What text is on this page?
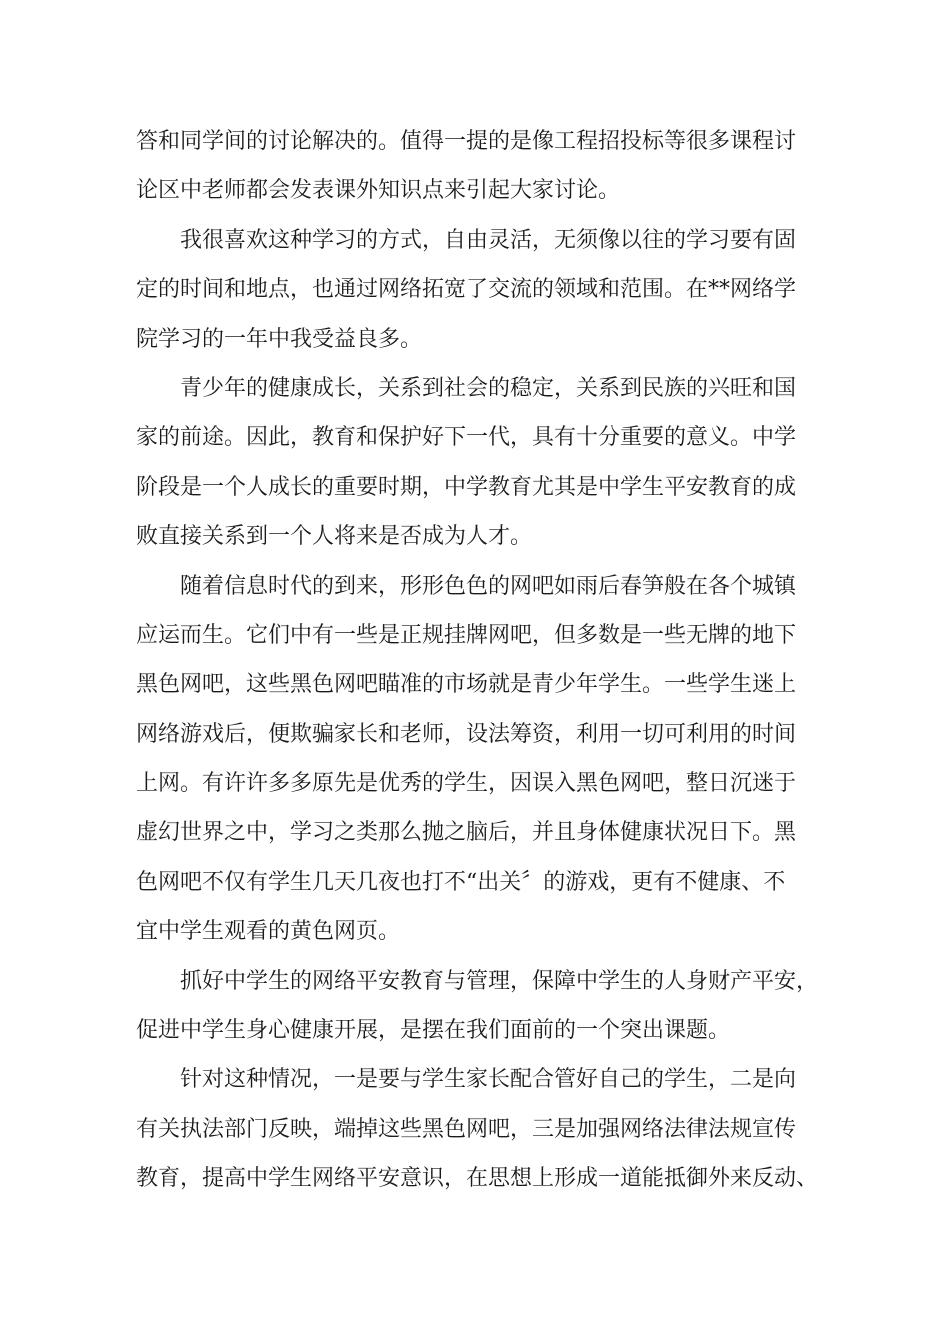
答和同学间的讨论解决的。值得一提的是像工程招投标等很多课程讨
论区中老师都会发表课外知识点来引起大家讨论。
我很喜欢这种学习的方式，自由灵活，无须像以往的学习要有固
定的时间和地点，也通过网络拓宽了交流的领域和范围。在**网络学
院学习的一年中我受益良多。
青少年的健康成长，关系到社会的稳定，关系到民族的兴旺和国
家的前途。因此，教育和保护好下一代，具有十分重要的意义。中学
阶段是一个人成长的重要时期，中学教育尤其是中学生平安教育的成
败直接关系到一个人将来是否成为人才。
随着信息时代的到来，形形色色的网吧如雨后春笋般在各个城镇
应运而生。它们中有一些是正规挂牌网吧，但多数是一些无牌的地下
黑色网吧，这些黑色网吧瞄准的市场就是青少年学生。一些学生迷上
网络游戏后，便欺骗家长和老师，设法筹资，利用一切可利用的时间
上网。有许许多多原先是优秀的学生，因误入黑色网吧，整日沉迷于
虚幻世界之中，学习之类那么抛之脑后，并且身体健康状况日下。黑
色网吧不仅有学生几天几夜也打不“出关〞的游戏，更有不健康、不
宜中学生观看的黄色网页。
抓好中学生的网络平安教育与管理，保障中学生的人身财产平安，
促进中学生身心健康开展，是摆在我们面前的一个突出课题。
针对这种情况，一是要与学生家长配合管好自己的学生，二是向
有关执法部门反映，端掉这些黑色网吧，三是加强网络法律法规宣传
教育，提高中学生网络平安意识，在思想上形成一道能抵御外来反动、
